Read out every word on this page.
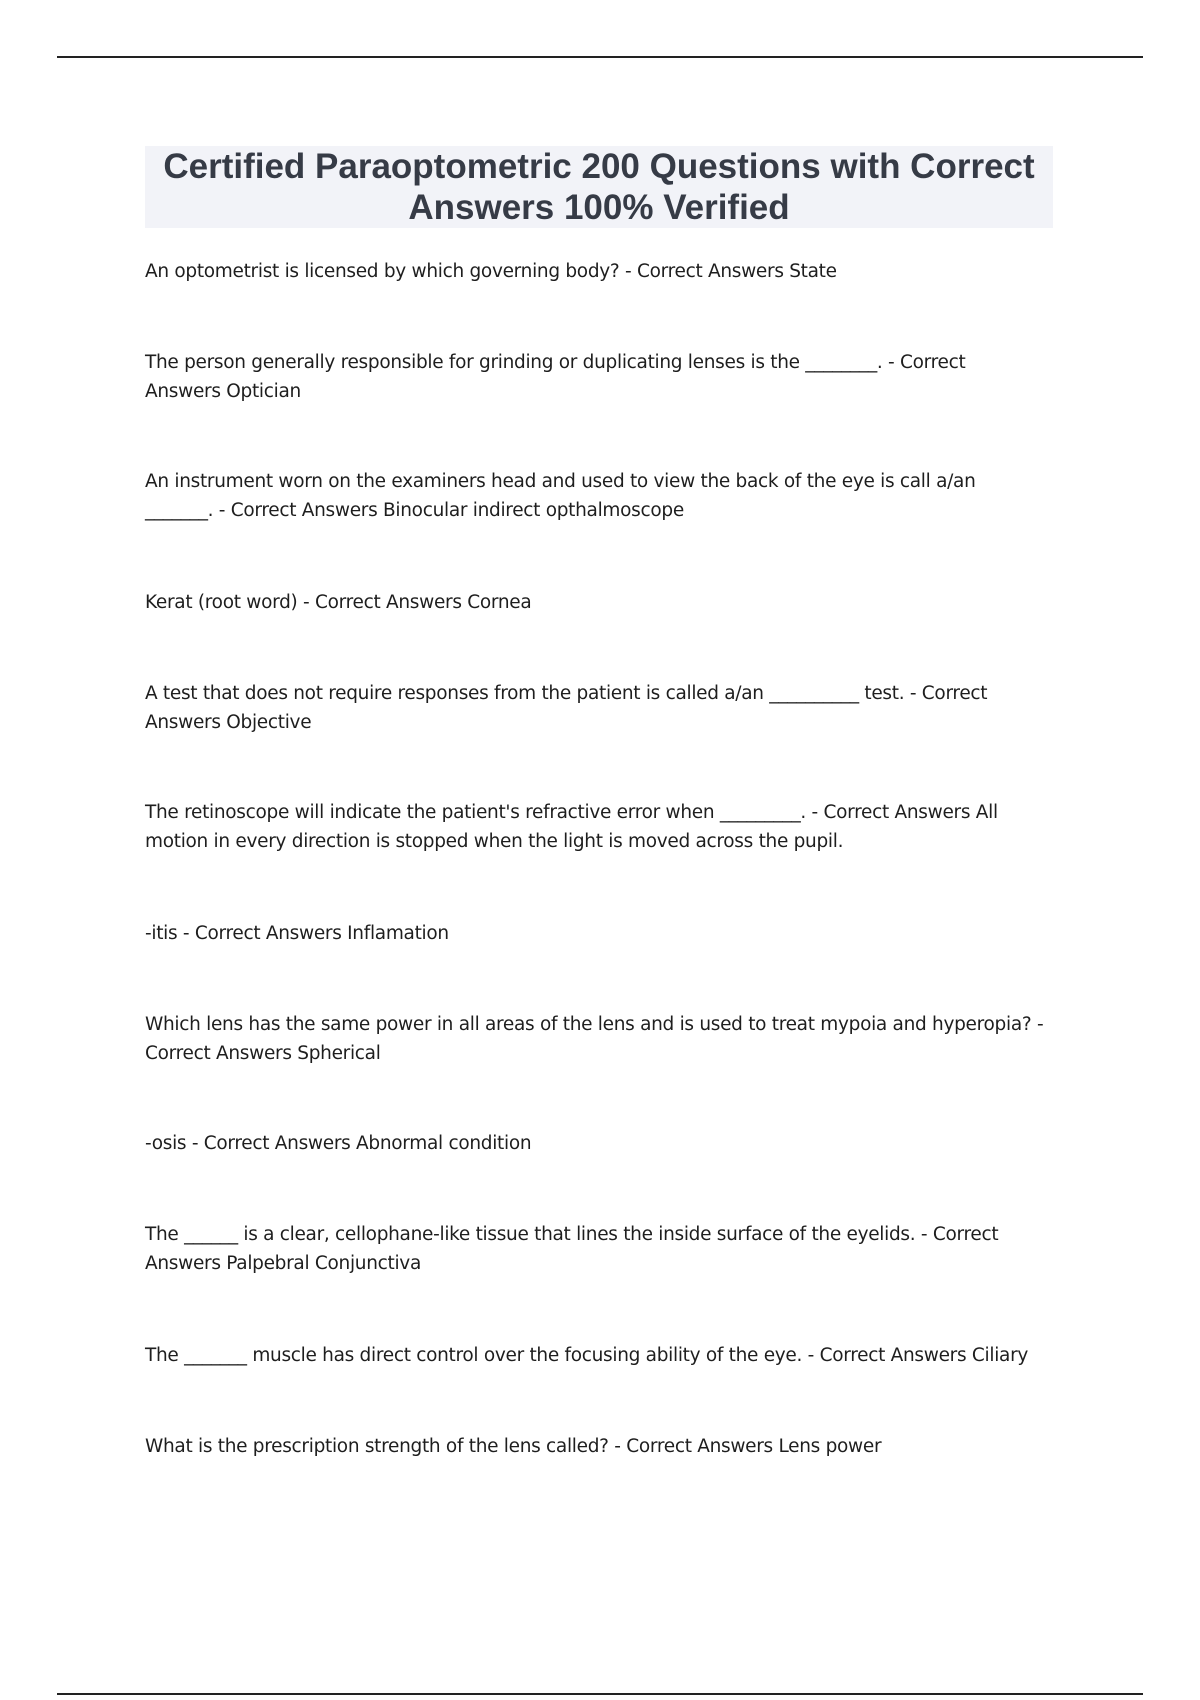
Certified Paraoptometric 200 Questions with Correct
Answers 100% Verified
An optometrist is licensed by which governing body? - Correct Answers State
The person generally responsible for grinding or duplicating lenses is the ________. - Correct Answers Optician
An instrument worn on the examiners head and used to view the back of the eye is call a/an _______. - Correct Answers Binocular indirect opthalmoscope
Kerat (root word) - Correct Answers Cornea
A test that does not require responses from the patient is called a/an __________ test. - Correct Answers Objective
The retinoscope will indicate the patient's refractive error when _________. - Correct Answers All motion in every direction is stopped when the light is moved across the pupil.
-itis - Correct Answers Inflamation
Which lens has the same power in all areas of the lens and is used to treat mypoia and hyperopia? - Correct Answers Spherical
-osis - Correct Answers Abnormal condition
The ______ is a clear, cellophane-like tissue that lines the inside surface of the eyelids. - Correct Answers Palpebral Conjunctiva
The _______ muscle has direct control over the focusing ability of the eye. - Correct Answers Ciliary
What is the prescription strength of the lens called? - Correct Answers Lens power
